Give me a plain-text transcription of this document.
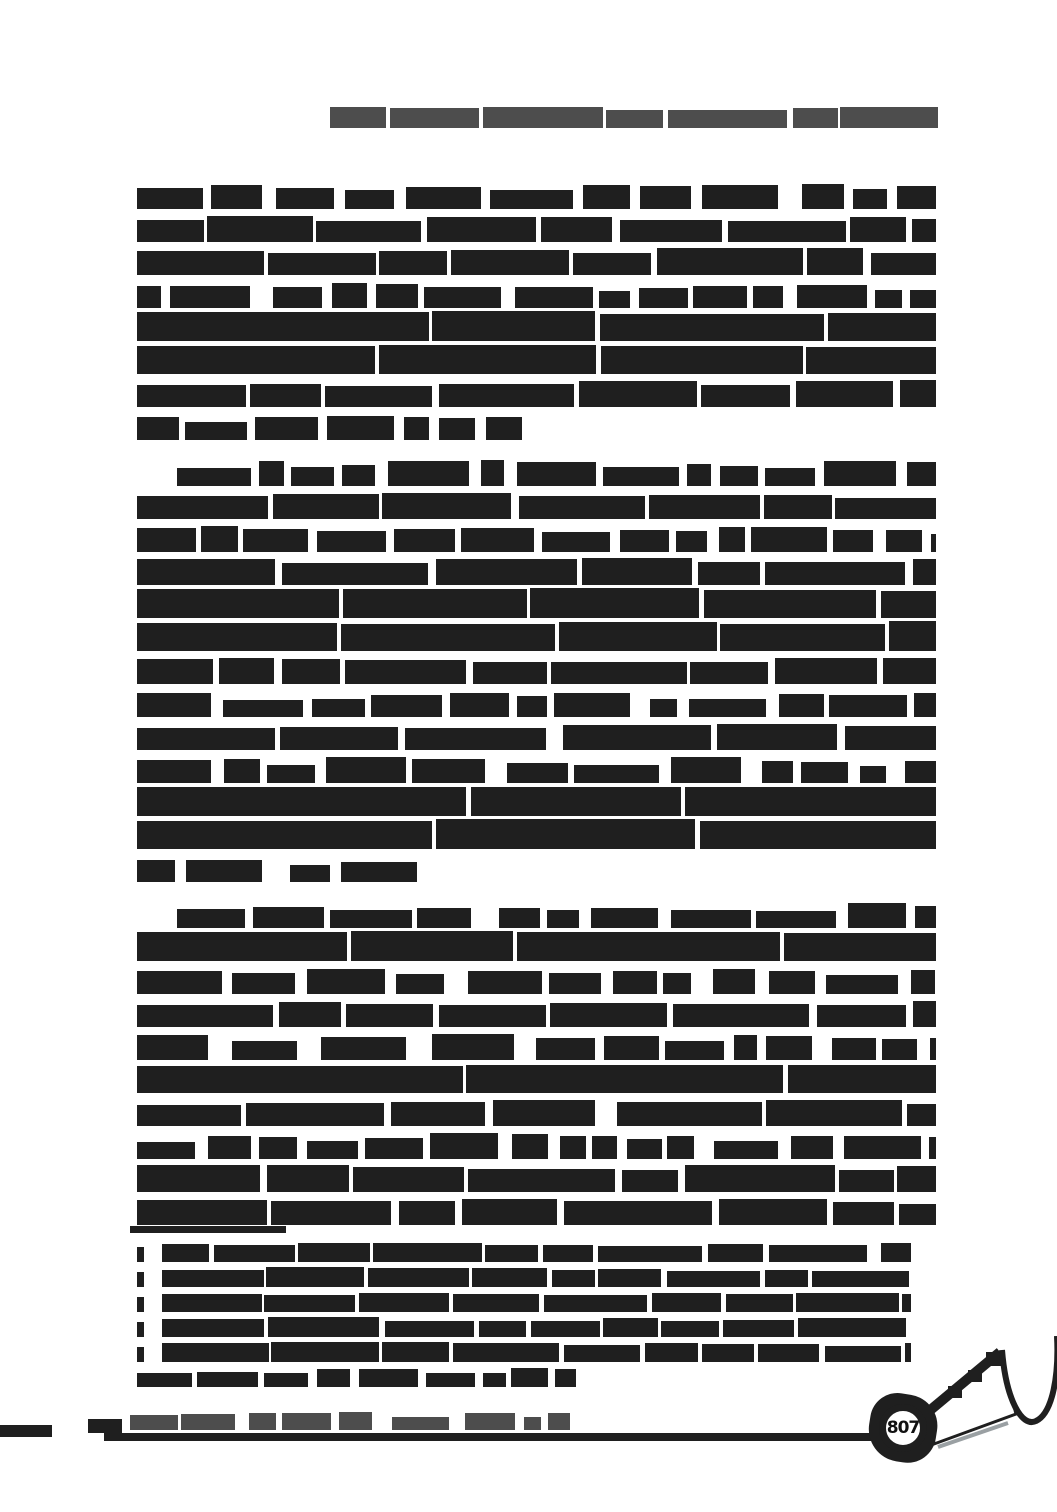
807
